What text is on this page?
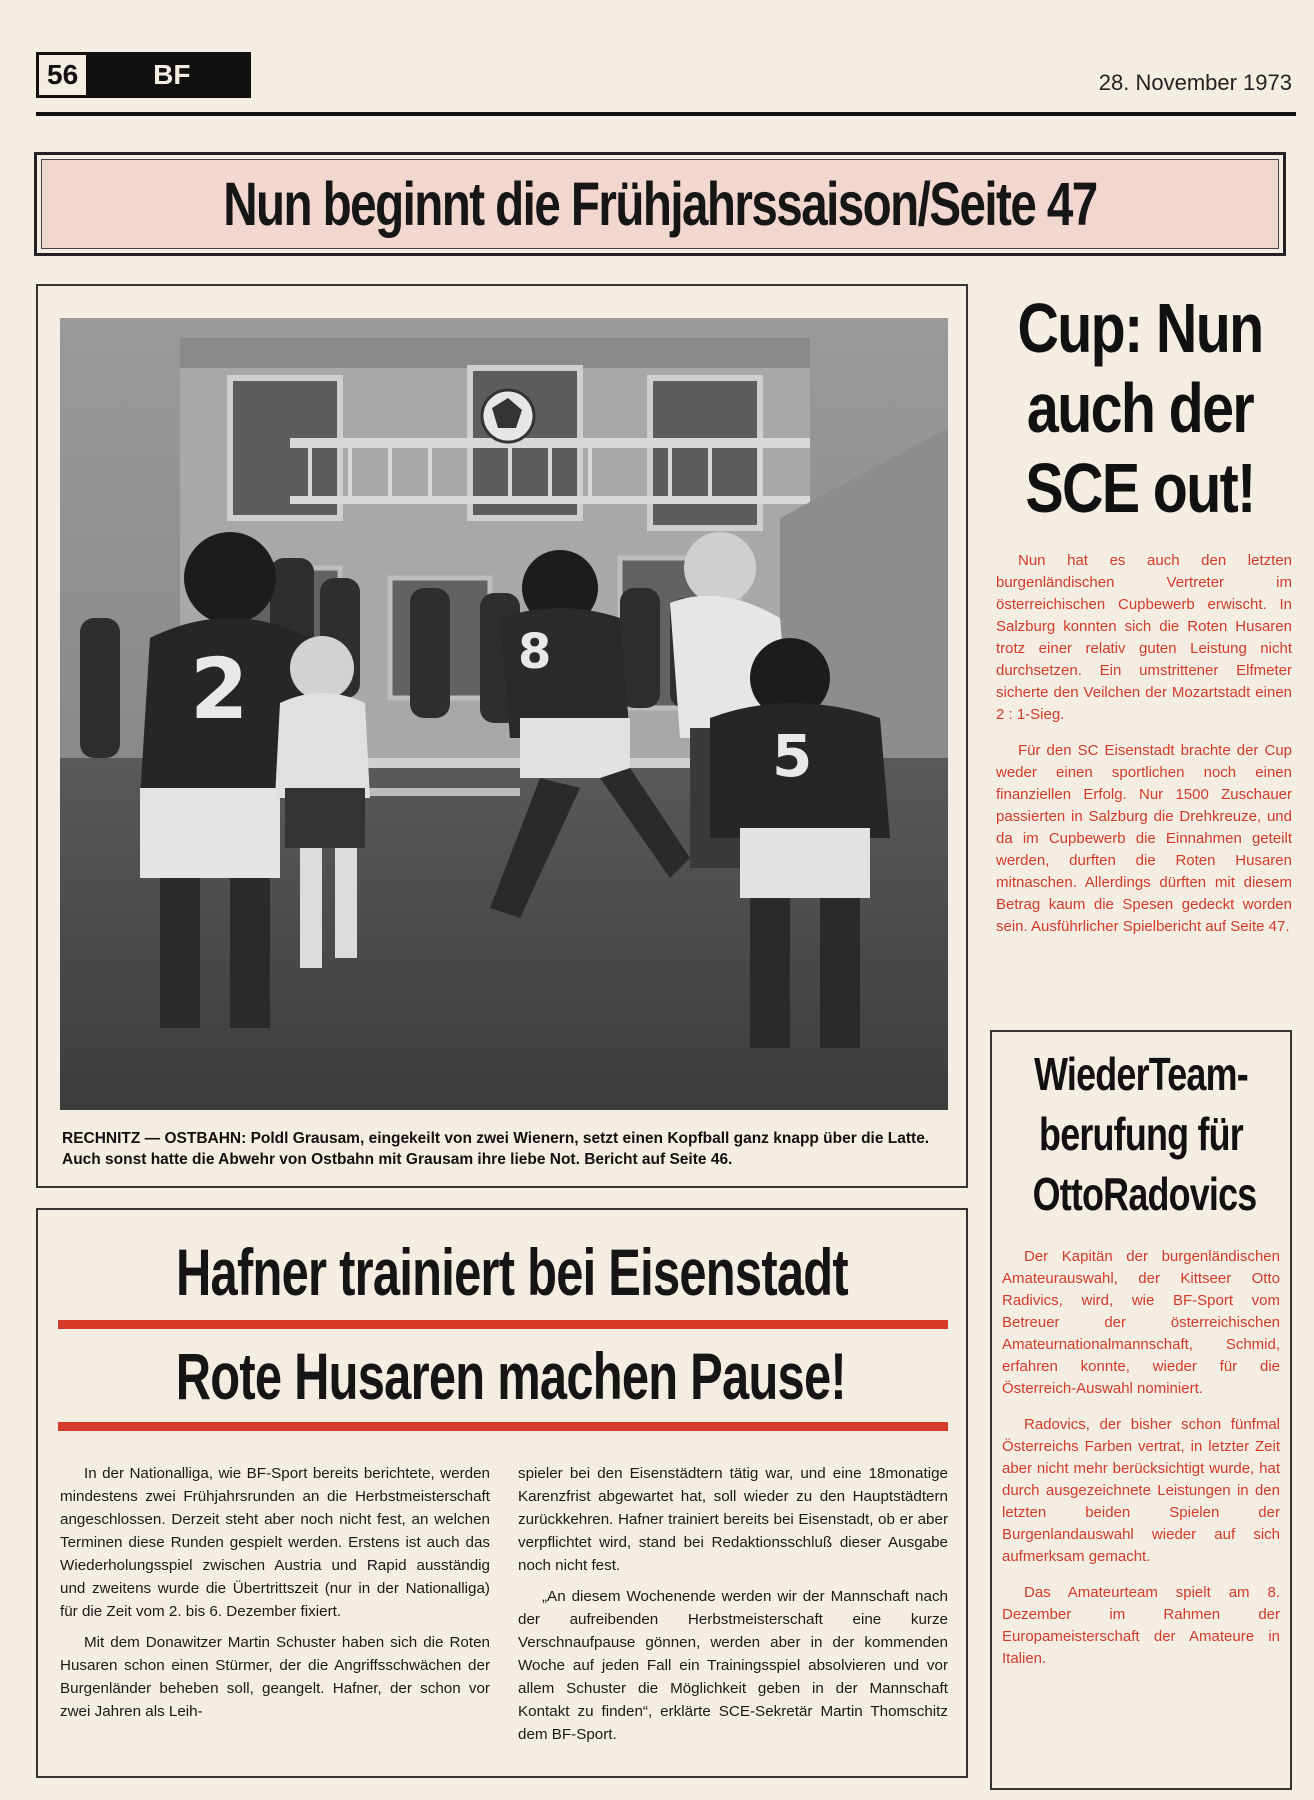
56	BF	28. November 1973
Nun beginnt die Frühjahrssaison/Seite 47
2	8
5
RECHNITZ — OSTBAHN: Poldl Grausam, eingekeilt von zwei Wienern, setzt einen Kopfball ganz knapp über die Latte. Auch sonst hatte die Abwehr von Ostbahn mit Grausam ihre liebe Not. Bericht auf Seite 46.
Cup: Nun
auch der
SCE out!

Nun hat es auch den letzten burgenländischen Vertreter im österreichischen Cupbewerb erwischt. In Salzburg konnten sich die Roten Husaren trotz einer relativ guten Leistung nicht durchsetzen. Ein umstrittener Elfmeter sicherte den Veilchen der Mozartstadt einen 2 : 1-Sieg.

Für den SC Eisenstadt brachte der Cup weder einen sportlichen noch einen finanziellen Erfolg. Nur 1500 Zuschauer passierten in Salzburg die Drehkreuze, und da im Cupbewerb die Einnahmen geteilt werden, durften die Roten Husaren mitnaschen. Allerdings dürften mit diesem Betrag kaum die Spesen gedeckt worden sein. Ausführlicher Spielbericht auf Seite 47.

WiederTeam-
berufung für
OttoRadovics

Der Kapitän der burgenländischen Amateurauswahl, der Kittseer Otto Radivics, wird, wie BF-Sport vom Betreuer der österreichischen Amateurnationalmannschaft, Schmid, erfahren konnte, wieder für die Österreich-Auswahl nominiert.

Radovics, der bisher schon fünfmal Österreichs Farben vertrat, in letzter Zeit aber nicht mehr berücksichtigt wurde, hat durch ausgezeichnete Leistungen in den letzten beiden Spielen der Burgenlandauswahl wieder auf sich aufmerksam gemacht.

Das Amateurteam spielt am 8. Dezember im Rahmen der Europameisterschaft der Amateure in Italien.

Hafner trainiert bei Eisenstadt
Rote Husaren machen Pause!

In der Nationalliga, wie BF-Sport bereits berichtete, werden mindestens zwei Frühjahrsrunden an die Herbstmeisterschaft angeschlossen. Derzeit steht aber noch nicht fest, an welchen Terminen diese Runden gespielt werden. Erstens ist auch das Wiederholungsspiel zwischen Austria und Rapid ausständig und zweitens wurde die Übertrittszeit (nur in der Nationalliga) für die Zeit vom 2. bis 6. Dezember fixiert.

Mit dem Donawitzer Martin Schuster haben sich die Roten Husaren schon einen Stürmer, der die Angriffsschwächen der Burgenländer beheben soll, geangelt. Hafner, der schon vor zwei Jahren als Leih-

spieler bei den Eisenstädtern tätig war, und eine 18monatige Karenzfrist abgewartet hat, soll wieder zu den Hauptstädtern zurückkehren. Hafner trainiert bereits bei Eisenstadt, ob er aber verpflichtet wird, stand bei Redaktionsschluß dieser Ausgabe noch nicht fest.

„An diesem Wochenende werden wir der Mannschaft nach der aufreibenden Herbstmeisterschaft eine kurze Verschnaufpause gönnen, werden aber in der kommenden Woche auf jeden Fall ein Trainingsspiel absolvieren und vor allem Schuster die Möglichkeit geben in der Mannschaft Kontakt zu finden“, erklärte SCE-Sekretär Martin Thomschitz dem BF-Sport.
